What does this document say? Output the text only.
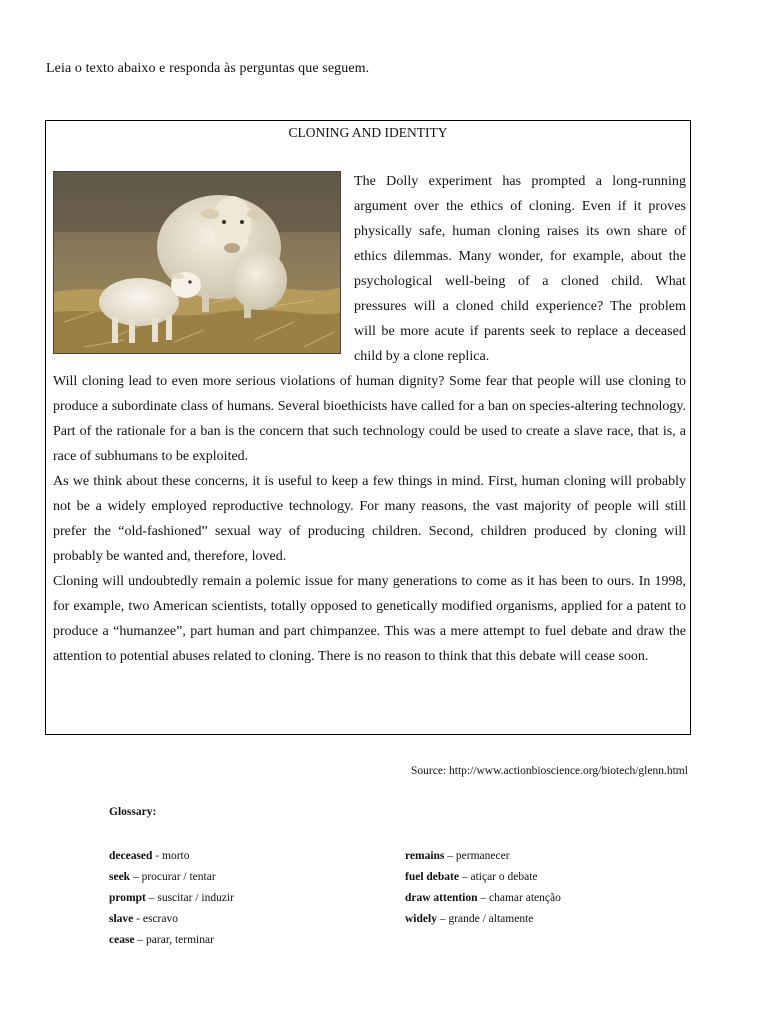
Leia o texto abaixo e responda às perguntas que seguem.
CLONING AND IDENTITY

The Dolly experiment has prompted a long-running argument over the ethics of cloning. Even if it proves physically safe, human cloning raises its own share of ethics dilemmas. Many wonder, for example, about the psychological well-being of a cloned child. What pressures will a cloned child experience? The problem will be more acute if parents seek to replace a deceased child by a clone replica.

Will cloning lead to even more serious violations of human dignity? Some fear that people will use cloning to produce a subordinate class of humans. Several bioethicists have called for a ban on species-altering technology. Part of the rationale for a ban is the concern that such technology could be used to create a slave race, that is, a race of subhumans to be exploited.

As we think about these concerns, it is useful to keep a few things in mind. First, human cloning will probably not be a widely employed reproductive technology. For many reasons, the vast majority of people will still prefer the “old-fashioned” sexual way of producing children. Second, children produced by cloning will probably be wanted and, therefore, loved.

Cloning will undoubtedly remain a polemic issue for many generations to come as it has been to ours. In 1998, for example, two American scientists, totally opposed to genetically modified organisms, applied for a patent to produce a “humanzee”, part human and part chimpanzee. This was a mere attempt to fuel debate and draw the attention to potential abuses related to cloning. There is no reason to think that this debate will cease soon.

Source: http://www.actionbioscience.org/biotech/glenn.html
Glossary:
deceased - morto
seek – procurar / tentar
prompt – suscitar / induzir
slave - escravo
cease – parar, terminar
remains – permanecer
fuel debate – atiçar o debate
draw attention – chamar atenção
widely – grande / altamente
